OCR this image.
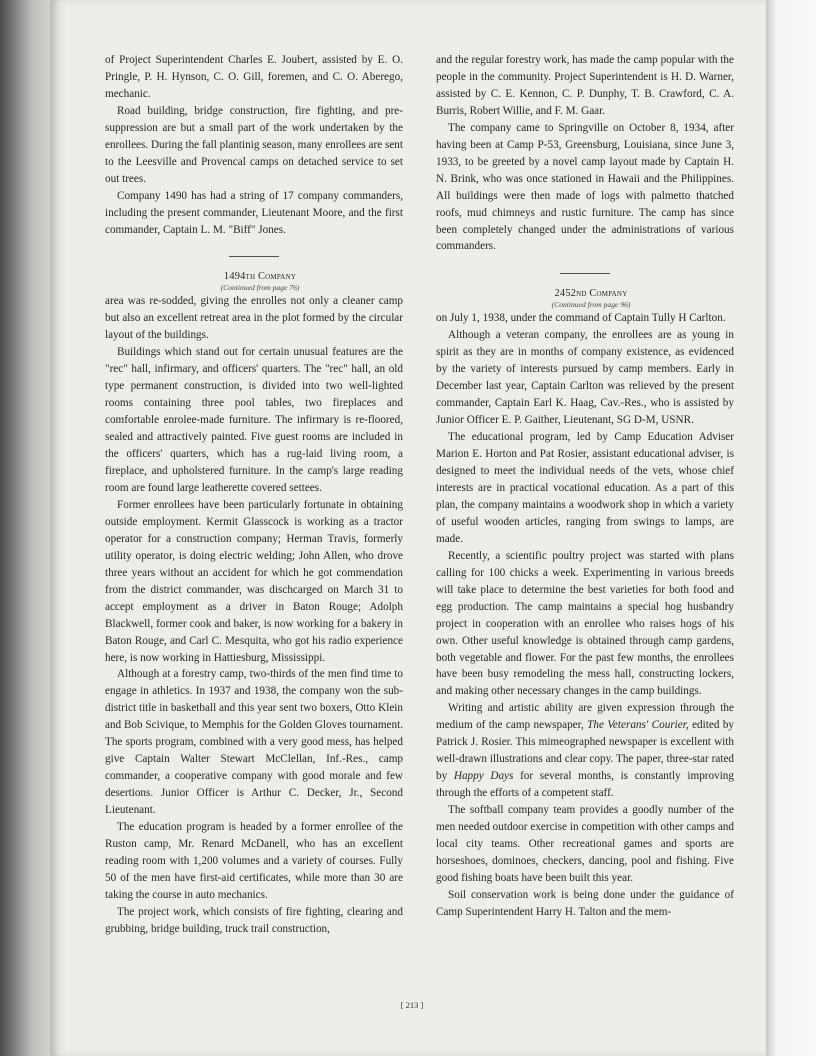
of Project Superintendent Charles E. Joubert, assisted by E. O. Pringle, P. H. Hynson, C. O. Gill, foremen, and C. O. Aberego, mechanic.

Road building, bridge construction, fire fighting, and pre-suppression are but a small part of the work undertaken by the enrollees. During the fall plantinig season, many enrollees are sent to the Leesville and Provencal camps on detached service to set out trees.

Company 1490 has had a string of 17 company commanders, including the present commander, Lieutenant Moore, and the first commander, Captain L. M. "Biff" Jones.

1494th Company

(Continued from page 76)

area was re-sodded, giving the enrolles not only a cleaner camp but also an excellent retreat area in the plot formed by the circular layout of the buildings.

Buildings which stand out for certain unusual features are the "rec" hall, infirmary, and officers' quarters. The "rec" hall, an old type permanent construction, is divided into two well-lighted rooms containing three pool tables, two fireplaces and comfortable enrolee-made furniture. The infirmary is re-floored, sealed and attractively painted. Five guest rooms are included in the officers' quarters, which has a rug-laid living room, a fireplace, and upholstered furniture. In the camp's large reading room are found large leatherette covered settees.

Former enrollees have been particularly fortunate in obtaining outside employment. Kermit Glasscock is working as a tractor operator for a construction company; Herman Travis, formerly utility operator, is doing electric welding; John Allen, who drove three years without an accident for which he got commendation from the district commander, was dischcarged on March 31 to accept employment as a driver in Baton Rouge; Adolph Blackwell, former cook and baker, is now working for a bakery in Baton Rouge, and Carl C. Mesquita, who got his radio experience here, is now working in Hattiesburg, Mississippi.

Although at a forestry camp, two-thirds of the men find time to engage in athletics. In 1937 and 1938, the company won the sub-district title in basketball and this year sent two boxers, Otto Klein and Bob Scivique, to Memphis for the Golden Gloves tournament. The sports program, combined with a very good mess, has helped give Captain Walter Stewart McClellan, Inf.-Res., camp commander, a cooperative company with good morale and few desertions. Junior Officer is Arthur C. Decker, Jr., Second Lieutenant.

The education program is headed by a former enrollee of the Ruston camp, Mr. Renard McDanell, who has an excellent reading room with 1,200 volumes and a variety of courses. Fully 50 of the men have first-aid certificates, while more than 30 are taking the course in auto mechanics.

The project work, which consists of fire fighting, clearing and grubbing, bridge building, truck trail construction,

and the regular forestry work, has made the camp popular with the people in the community. Project Superintendent is H. D. Warner, assisted by C. E. Kennon, C. P. Dunphy, T. B. Crawford, C. A. Burris, Robert Willie, and F. M. Gaar.

The company came to Springville on October 8, 1934, after having been at Camp P-53, Greensburg, Louisiana, since June 3, 1933, to be greeted by a novel camp layout made by Captain H. N. Brink, who was once stationed in Hawaii and the Philippines. All buildings were then made of logs with palmetto thatched roofs, mud chimneys and rustic furniture. The camp has since been completely changed under the administrations of various commanders.

2452nd Company

(Continued from page 96)

on July 1, 1938, under the command of Captain Tully H Carlton.

Although a veteran company, the enrollees are as young in spirit as they are in months of company existence, as evidenced by the variety of interests pursued by camp members. Early in December last year, Captain Carlton was relieved by the present commander, Captain Earl K. Haag, Cav.-Res., who is assisted by Junior Officer E. P. Gaither, Lieutenant, SG D-M, USNR.

The educational program, led by Camp Education Adviser Marion E. Horton and Pat Rosier, assistant educational adviser, is designed to meet the individual needs of the vets, whose chief interests are in practical vocational education. As a part of this plan, the company maintains a woodwork shop in which a variety of useful wooden articles, ranging from swings to lamps, are made.

Recently, a scientific poultry project was started with plans calling for 100 chicks a week. Experimenting in various breeds will take place to determine the best varieties for both food and egg production. The camp maintains a special hog husbandry project in cooperation with an enrollee who raises hogs of his own. Other useful knowledge is obtained through camp gardens, both vegetable and flower. For the past few months, the enrollees have been busy remodeling the mess hall, constructing lockers, and making other necessary changes in the camp buildings.

Writing and artistic ability are given expression through the medium of the camp newspaper, The Veterans' Courier, edited by Patrick J. Rosier. This mimeographed newspaper is excellent with well-drawn illustrations and clear copy. The paper, three-star rated by Happy Days for several months, is constantly improving through the efforts of a competent staff.

The softball company team provides a goodly number of the men needed outdoor exercise in competition with other camps and local city teams. Other recreational games and sports are horseshoes, dominoes, checkers, dancing, pool and fishing. Five good fishing boats have been built this year.

Soil conservation work is being done under the guidance of Camp Superintendent Harry H. Talton and the mem-

[ 213 ]
